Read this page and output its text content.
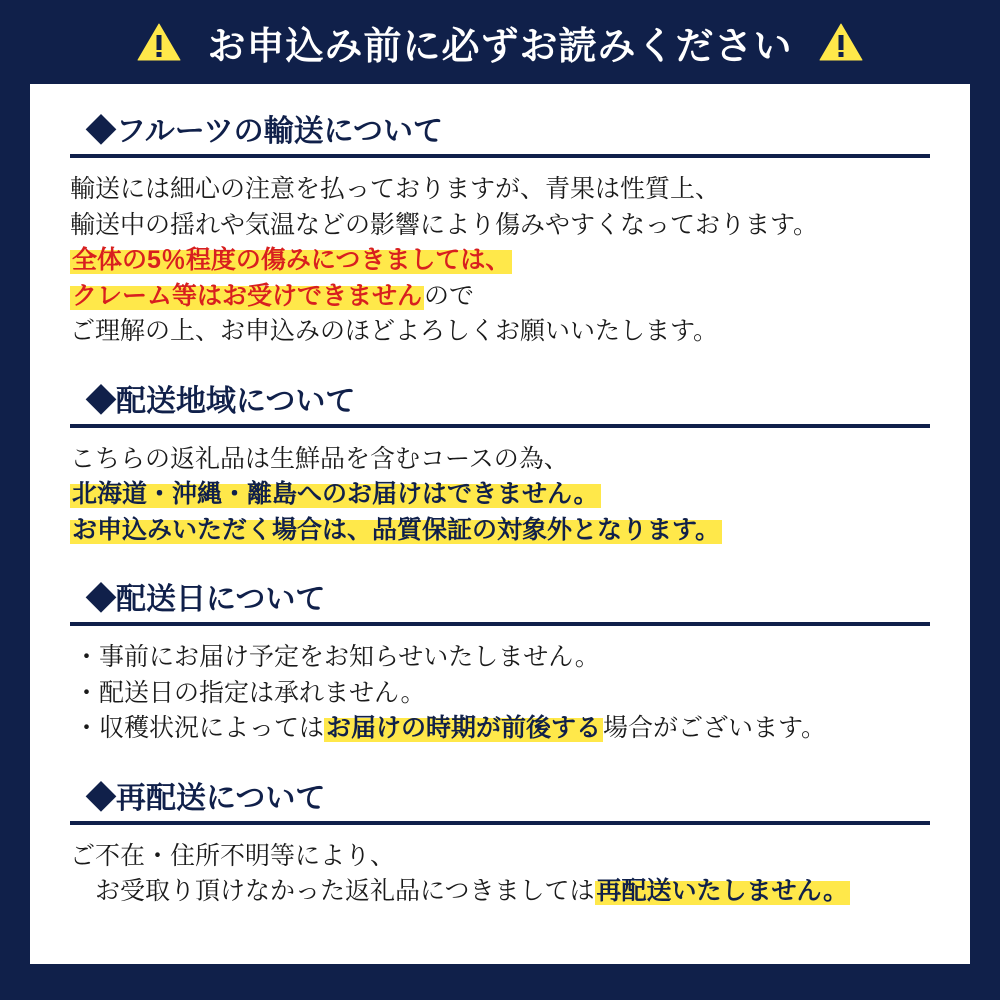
お申込み前に必ずお読みください
◆フルーツの輸送について
輸送には細心の注意を払っておりますが、青果は性質上、
輸送中の揺れや気温などの影響により傷みやすくなっております。
全体の5％程度の傷みにつきましては、
クレーム等はお受けできませんので
ご理解の上、お申込みのほどよろしくお願いいたします。
◆配送地域について
こちらの返礼品は生鮮品を含むコースの為、
北海道・沖縄・離島へのお届けはできません。
お申込みいただく場合は、品質保証の対象外となります。
◆配送日について
・事前にお届け予定をお知らせいたしません。
・配送日の指定は承れません。
・収穫状況によってはお届けの時期が前後する場合がございます。
◆再配送について
ご不在・住所不明等により、
　お受取り頂けなかった返礼品につきましては再配送いたしません。
